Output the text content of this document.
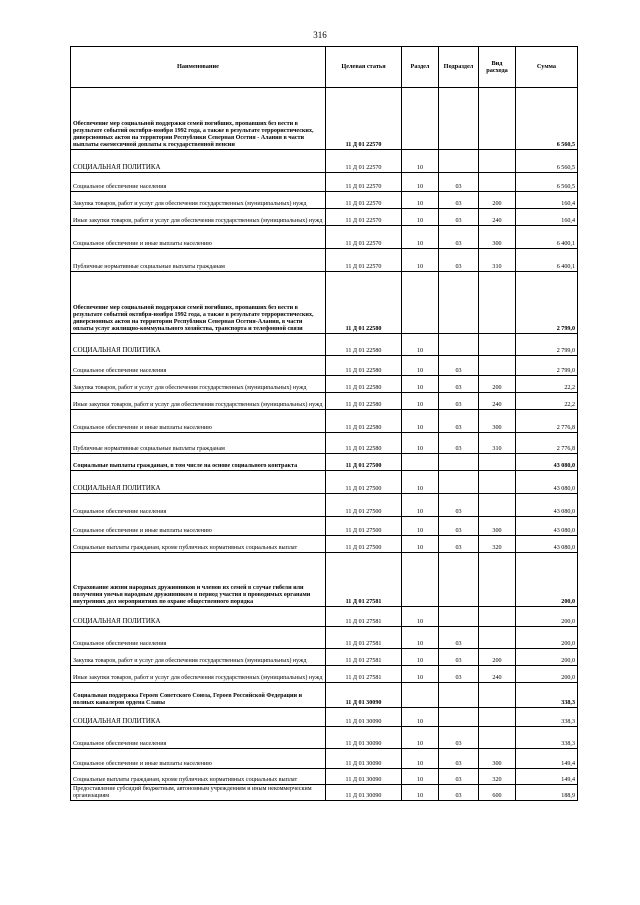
316
Наименование	Целевая статья	Раздел	Подраздел	Вид расхода	Сумма
Обеспечение мер социальной поддержки семей погибших, пропавших без вести в результате событий октября-ноября 1992 года, а также в результате террористических, диверсионных актов на территории Республики Северная Осетия - Алания в части выплаты ежемесячной доплаты к государственной пенсии	11 Д 01 22570				6 560,5
СОЦИАЛЬНАЯ ПОЛИТИКА	11 Д 01 22570	10			6 560,5
Социальное обеспечение населения	11 Д 01 22570	10	03		6 560,5
Закупка товаров, работ и услуг для обеспечения государственных (муниципальных) нужд	11 Д 01 22570	10	03	200	160,4
Иные закупки товаров, работ и услуг для обеспечения государственных (муниципальных) нужд	11 Д 01 22570	10	03	240	160,4
Социальное обеспечение и иные выплаты населению	11 Д 01 22570	10	03	300	6 400,1
Публичные нормативные социальные выплаты гражданам	11 Д 01 22570	10	03	310	6 400,1
Обеспечение мер социальной поддержки семей погибших, пропавших без вести в результате событий октября-ноября 1992 года, а также в результате террористических, диверсионных актов на территории Республики Северная Осетия-Алания, в части оплаты услуг жилищно-коммунального хозяйства, транспорта и телефонной связи	11 Д 01 22580				2 799,0
СОЦИАЛЬНАЯ ПОЛИТИКА	11 Д 01 22580	10			2 799,0
Социальное обеспечение населения	11 Д 01 22580	10	03		2 799,0
Закупка товаров, работ и услуг для обеспечения государственных (муниципальных) нужд	11 Д 01 22580	10	03	200	22,2
Иные закупки товаров, работ и услуг для обеспечения государственных (муниципальных) нужд	11 Д 01 22580	10	03	240	22,2
Социальное обеспечение и иные выплаты населению	11 Д 01 22580	10	03	300	2 776,8
Публичные нормативные социальные выплаты гражданам	11 Д 01 22580	10	03	310	2 776,8
Социальные выплаты гражданам, в том числе на основе социального контракта	11 Д 01 27500				43 080,0
СОЦИАЛЬНАЯ ПОЛИТИКА	11 Д 01 27500	10			43 080,0
Социальное обеспечение населения	11 Д 01 27500	10	03		43 080,0
Социальное обеспечение и иные выплаты населению	11 Д 01 27500	10	03	300	43 080,0
Социальные выплаты гражданам, кроме публичных нормативных социальных выплат	11 Д 01 27500	10	03	320	43 080,0
Страхование жизни народных дружинников и членов их семей в случае гибели или получения увечья народным дружинником в период участия в проводимых органами внутренних дел мероприятиях по охране общественного порядка	11 Д 01 27581				200,0
СОЦИАЛЬНАЯ ПОЛИТИКА	11 Д 01 27581	10			200,0
Социальное обеспечение населения	11 Д 01 27581	10	03		200,0
Закупка товаров, работ и услуг для обеспечения государственных (муниципальных) нужд	11 Д 01 27581	10	03	200	200,0
Иные закупки товаров, работ и услуг для обеспечения государственных (муниципальных) нужд	11 Д 01 27581	10	03	240	200,0
Социальная поддержка Героев Советского Союза, Героев Российской Федерации и полных кавалеров ордена Славы	11 Д 01 30090				338,3
СОЦИАЛЬНАЯ ПОЛИТИКА	11 Д 01 30090	10			338,3
Социальное обеспечение населения	11 Д 01 30090	10	03		338,3
Социальное обеспечение и иные выплаты населению	11 Д 01 30090	10	03	300	149,4
Социальные выплаты гражданам, кроме публичных нормативных социальных выплат	11 Д 01 30090	10	03	320	149,4
Предоставление субсидий бюджетным, автономным учреждениям и иным некоммерческим организациям	11 Д 01 30090	10	03	600	188,9
